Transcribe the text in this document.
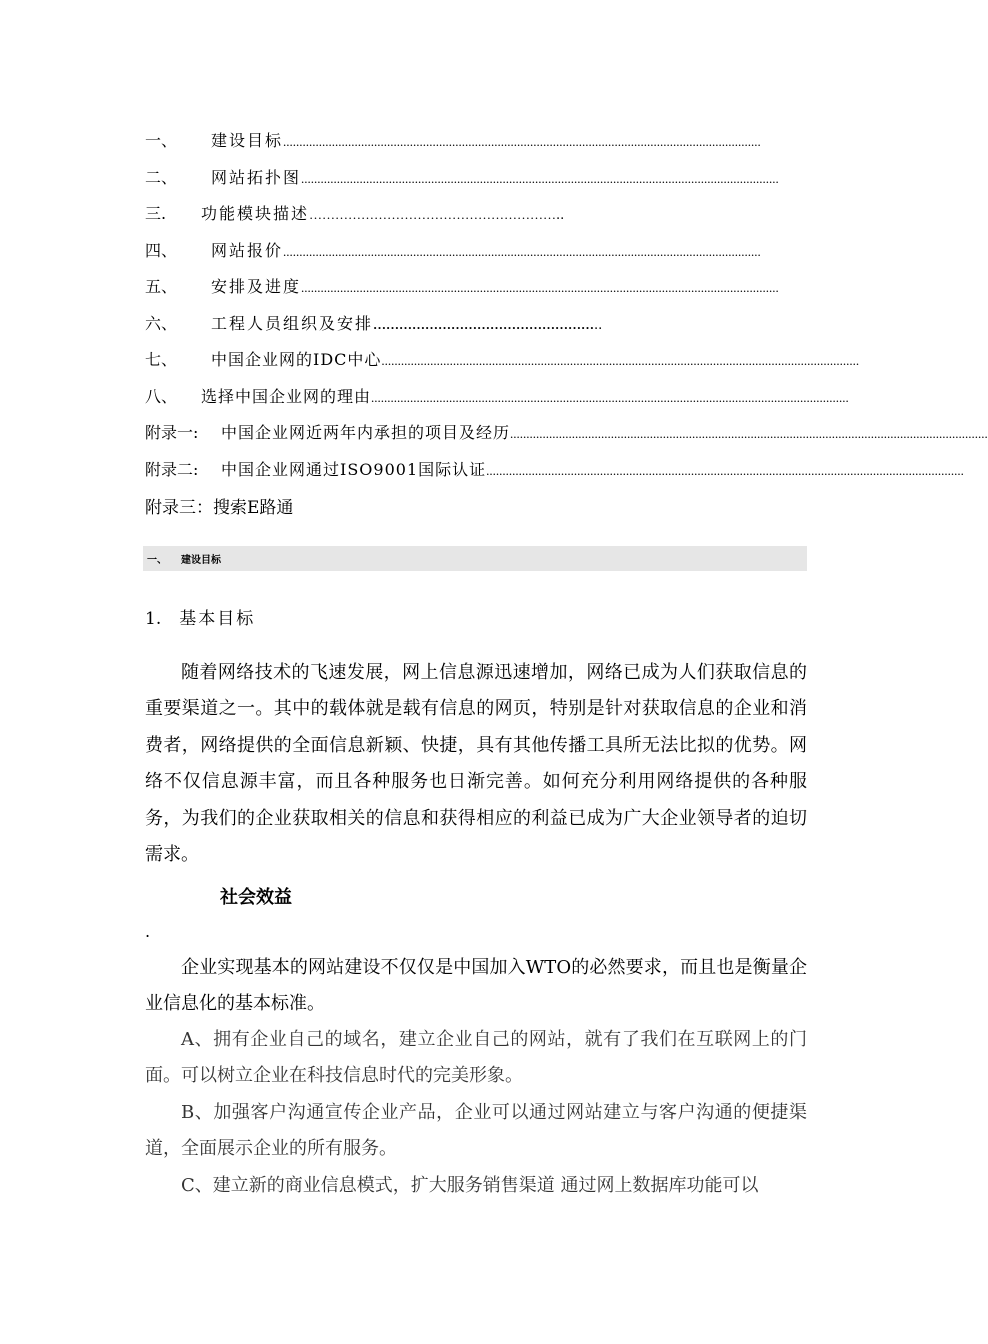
一、	建设目标 ...................................................................................................................................................
二、	网站拓扑图 ...................................................................................................................................................
三.	功能模块描述 ………………………………………………… ..
四、	网站报价 ...................................................................................................................................................
五、	安排及进度 ...................................................................................................................................................
六、	工程人员组织及安排 …………………………………………… ..
七、	中国企业网的IDC中心 ...................................................................................................................................................
八、	选择中国企业网的理由 ...................................................................................................................................................
附录一:	中国企业网近两年内承担的项目及经历 ...................................................................................................................................................
附录二:	中国企业网通过ISO9001国际认证 ...................................................................................................................................................
附录三： 搜索E路通
一、	建设目标
1. 基本目标

随着网络技术的飞速发展，网上信息源迅速增加，网络已成为人们获取信息的重要渠道之一。其中的载体就是载有信息的网页，特别是针对获取信息的企业和消费者，网络提供的全面信息新颖、快捷，具有其他传播工具所无法比拟的优势。网络不仅信息源丰富，而且各种服务也日渐完善。如何充分利用网络提供的各种服务，为我们的企业获取相关的信息和获得相应的利益已成为广大企业领导者的迫切需求。

社会效益
.

企业实现基本的网站建设不仅仅是中国加入WTO的必然要求，而且也是衡量企业信息化的基本标准。

A、拥有企业自己的域名，建立企业自己的网站，就有了我们在互联网上的门面。可以树立企业在科技信息时代的完美形象。

B、加强客户沟通宣传企业产品，企业可以通过网站建立与客户沟通的便捷渠道，全面展示企业的所有服务。

C、建立新的商业信息模式，扩大服务销售渠道 通过网上数据库功能可以
